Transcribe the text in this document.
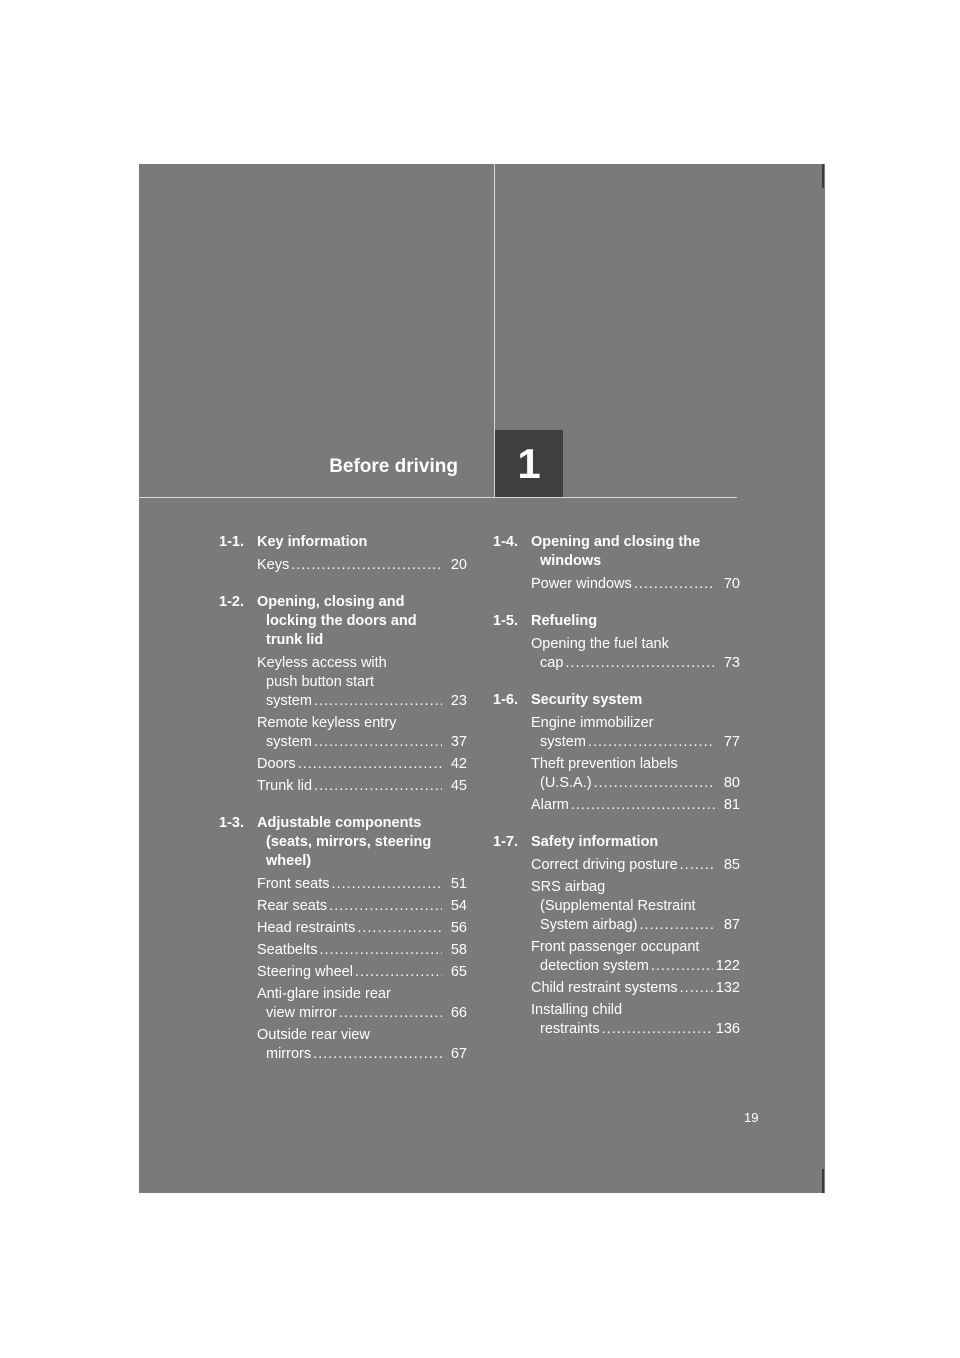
Before driving 1
1-1. Key information
Keys .....	20
1-2. Opening, closing and
locking the doors and
trunk lid
Keyless access with
push button start
system .....	23
Remote keyless entry
system .....	37
Doors .....	42
Trunk lid .....	45
1-3. Adjustable components
(seats, mirrors, steering
wheel)
Front seats .....	51
Rear seats .....	54
Head restraints .....	56
Seatbelts .....	58
Steering wheel .....	65
Anti-glare inside rear
view mirror .....	66
Outside rear view
mirrors .....	67
1-4. Opening and closing the
windows
Power windows .....	70
1-5. Refueling
Opening the fuel tank
cap .....	73
1-6. Security system
Engine immobilizer
system .....	77
Theft prevention labels
(U.S.A.) .....	80
Alarm .....	81
1-7. Safety information
Correct driving posture .....	85
SRS airbag
(Supplemental Restraint
System airbag) .....	87
Front passenger occupant
detection system .....	122
Child restraint systems .....	132
Installing child
restraints .....	136
19
